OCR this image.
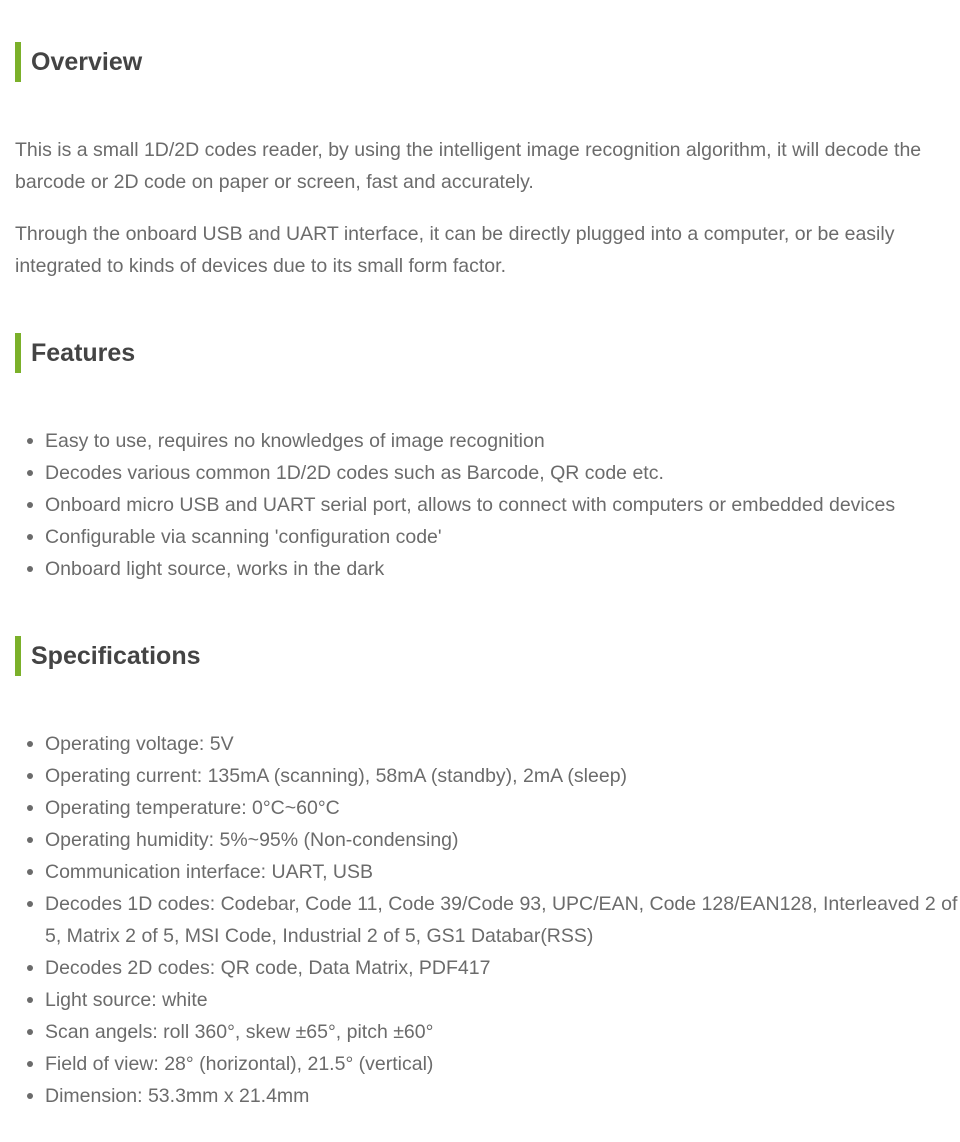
Overview

This is a small 1D/2D codes reader, by using the intelligent image recognition algorithm, it will decode the barcode or 2D code on paper or screen, fast and accurately.

Through the onboard USB and UART interface, it can be directly plugged into a computer, or be easily integrated to kinds of devices due to its small form factor.

Features
Easy to use, requires no knowledges of image recognition
Decodes various common 1D/2D codes such as Barcode, QR code etc.
Onboard micro USB and UART serial port, allows to connect with computers or embedded devices
Configurable via scanning 'configuration code'
Onboard light source, works in the dark
Specifications
Operating voltage: 5V
Operating current: 135mA (scanning), 58mA (standby), 2mA (sleep)
Operating temperature: 0°C~60°C
Operating humidity: 5%~95% (Non-condensing)
Communication interface: UART, USB
Decodes 1D codes: Codebar, Code 11, Code 39/Code 93, UPC/EAN, Code 128/EAN128, Interleaved 2 of 5, Matrix 2 of 5, MSI Code, Industrial 2 of 5, GS1 Databar(RSS)
Decodes 2D codes: QR code, Data Matrix, PDF417
Light source: white
Scan angels: roll 360°, skew ±65°, pitch ±60°
Field of view: 28° (horizontal), 21.5° (vertical)
Dimension: 53.3mm x 21.4mm
